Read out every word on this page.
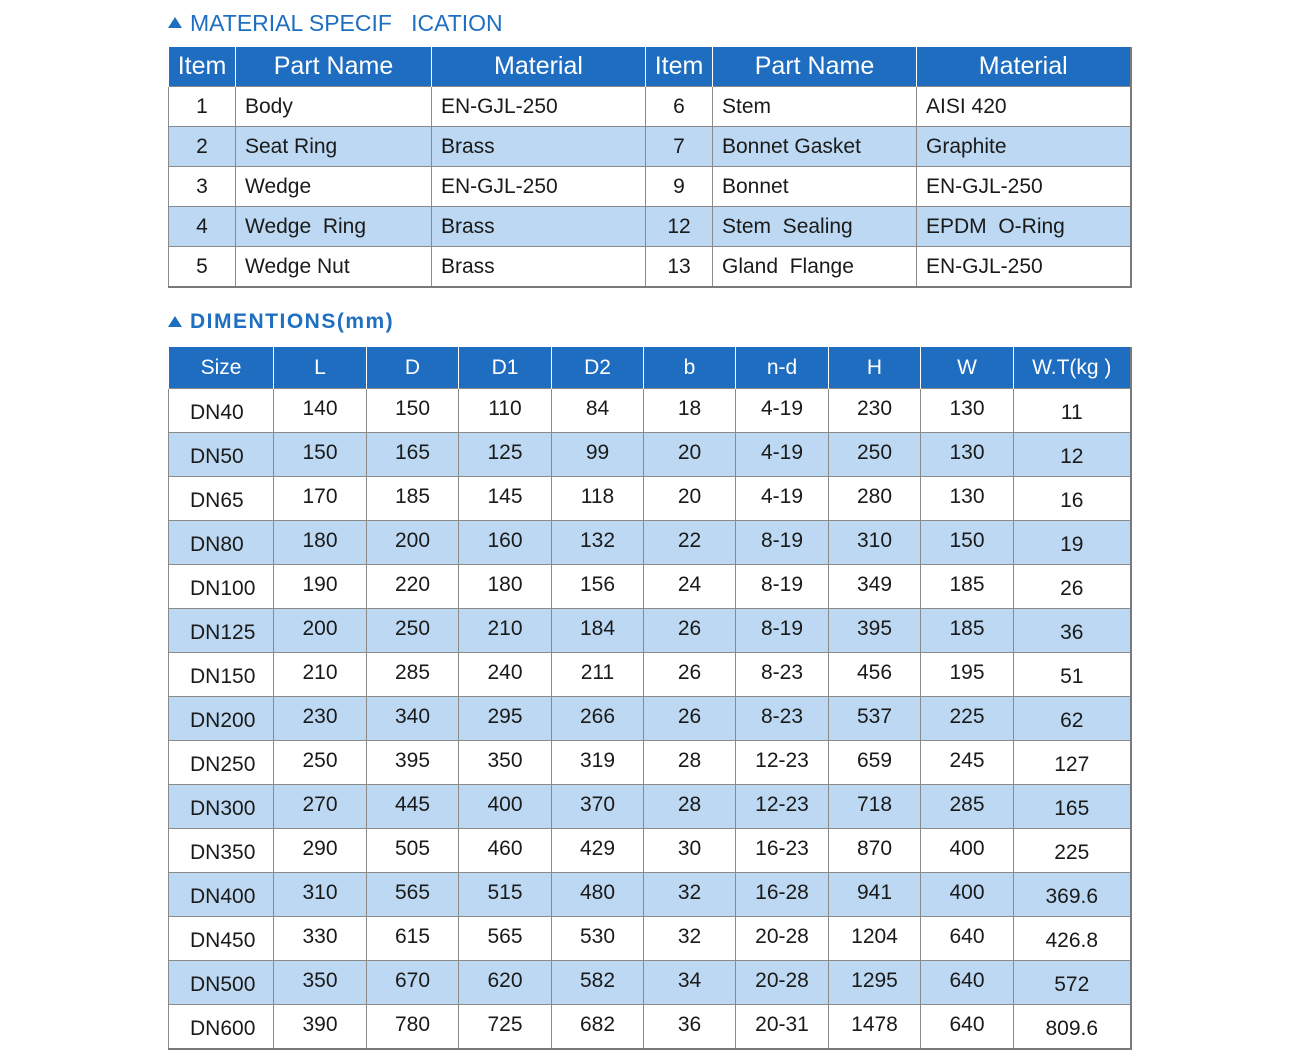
MATERIAL SPECIF   ICATION
Item	Part Name	Material	Item	Part Name	Material
1	Body	EN-GJL-250	6	Stem	AISI 420
2	Seat Ring	Brass	7	Bonnet Gasket	Graphite
3	Wedge	EN-GJL-250	9	Bonnet	EN-GJL-250
4	Wedge  Ring	Brass	12	Stem  Sealing	EPDM  O-Ring
5	Wedge Nut	Brass	13	Gland  Flange	EN-GJL-250
DIMENTIONS(mm)
Size	L	D	D1	D2	b	n-d	H	W	W.T(kg )
DN40	140	150	110	84	18	4-19	230	130	11
DN50	150	165	125	99	20	4-19	250	130	12
DN65	170	185	145	118	20	4-19	280	130	16
DN80	180	200	160	132	22	8-19	310	150	19
DN100	190	220	180	156	24	8-19	349	185	26
DN125	200	250	210	184	26	8-19	395	185	36
DN150	210	285	240	211	26	8-23	456	195	51
DN200	230	340	295	266	26	8-23	537	225	62
DN250	250	395	350	319	28	12-23	659	245	127
DN300	270	445	400	370	28	12-23	718	285	165
DN350	290	505	460	429	30	16-23	870	400	225
DN400	310	565	515	480	32	16-28	941	400	369.6
DN450	330	615	565	530	32	20-28	1204	640	426.8
DN500	350	670	620	582	34	20-28	1295	640	572
DN600	390	780	725	682	36	20-31	1478	640	809.6
